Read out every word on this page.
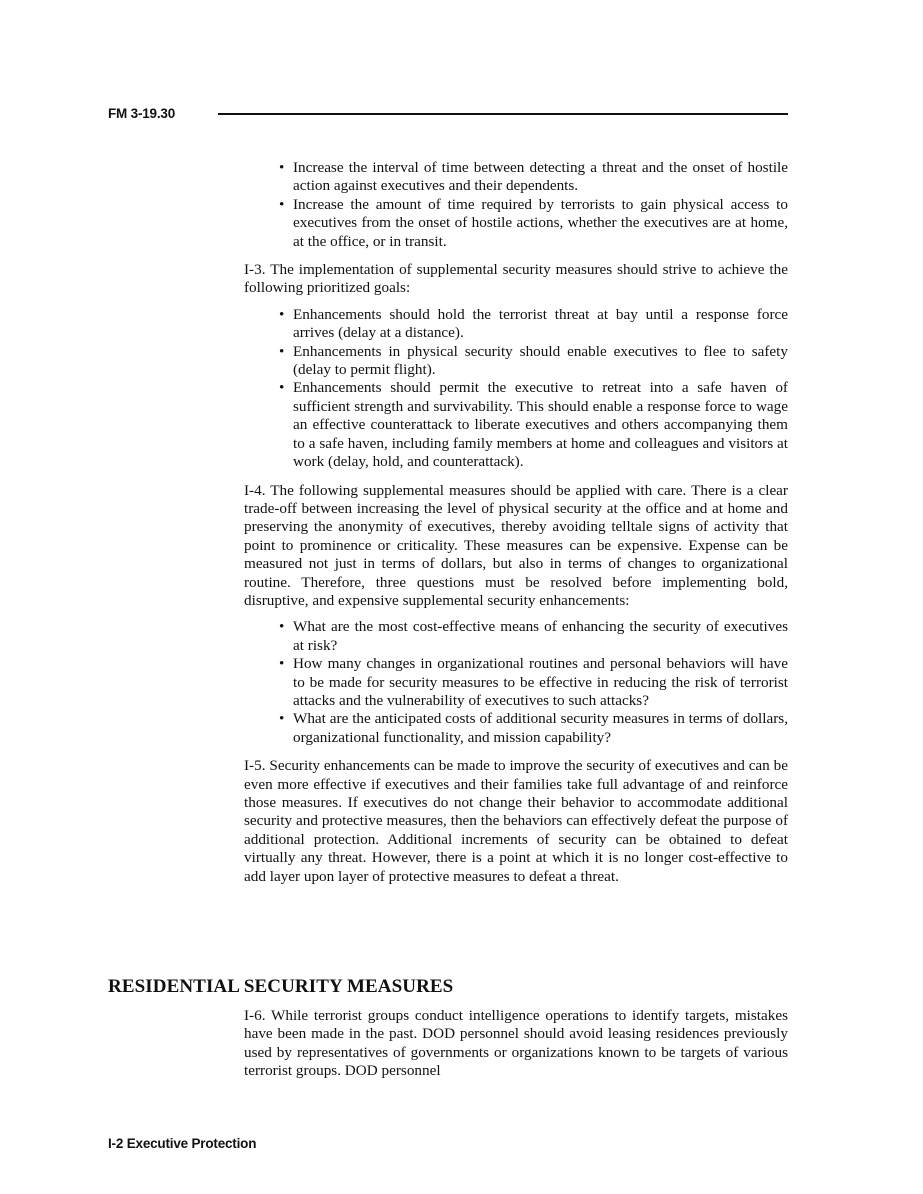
FM 3-19.30
• Increase the interval of time between detecting a threat and the onset of hostile action against executives and their dependents.
• Increase the amount of time required by terrorists to gain physical access to executives from the onset of hostile actions, whether the executives are at home, at the office, or in transit.

I-3. The implementation of supplemental security measures should strive to achieve the following prioritized goals:

• Enhancements should hold the terrorist threat at bay until a response force arrives (delay at a distance).
• Enhancements in physical security should enable executives to flee to safety (delay to permit flight).
• Enhancements should permit the executive to retreat into a safe haven of sufficient strength and survivability. This should enable a response force to wage an effective counterattack to liberate executives and others accompanying them to a safe haven, including family members at home and colleagues and visitors at work (delay, hold, and counterattack).

I-4. The following supplemental measures should be applied with care. There is a clear trade-off between increasing the level of physical security at the office and at home and preserving the anonymity of executives, thereby avoiding telltale signs of activity that point to prominence or criticality. These measures can be expensive. Expense can be measured not just in terms of dollars, but also in terms of changes to organizational routine. Therefore, three questions must be resolved before implementing bold, disruptive, and expensive supplemental security enhancements:

• What are the most cost-effective means of enhancing the security of executives at risk?
• How many changes in organizational routines and personal behaviors will have to be made for security measures to be effective in reducing the risk of terrorist attacks and the vulnerability of executives to such attacks?
• What are the anticipated costs of additional security measures in terms of dollars, organizational functionality, and mission capability?

I-5. Security enhancements can be made to improve the security of executives and can be even more effective if executives and their families take full advantage of and reinforce those measures. If executives do not change their behavior to accommodate additional security and protective measures, then the behaviors can effectively defeat the purpose of additional protection. Additional increments of security can be obtained to defeat virtually any threat. However, there is a point at which it is no longer cost-effective to add layer upon layer of protective measures to defeat a threat.

RESIDENTIAL SECURITY MEASURES

I-6. While terrorist groups conduct intelligence operations to identify targets, mistakes have been made in the past. DOD personnel should avoid leasing residences previously used by representatives of governments or organizations known to be targets of various terrorist groups. DOD personnel

I-2 Executive Protection
